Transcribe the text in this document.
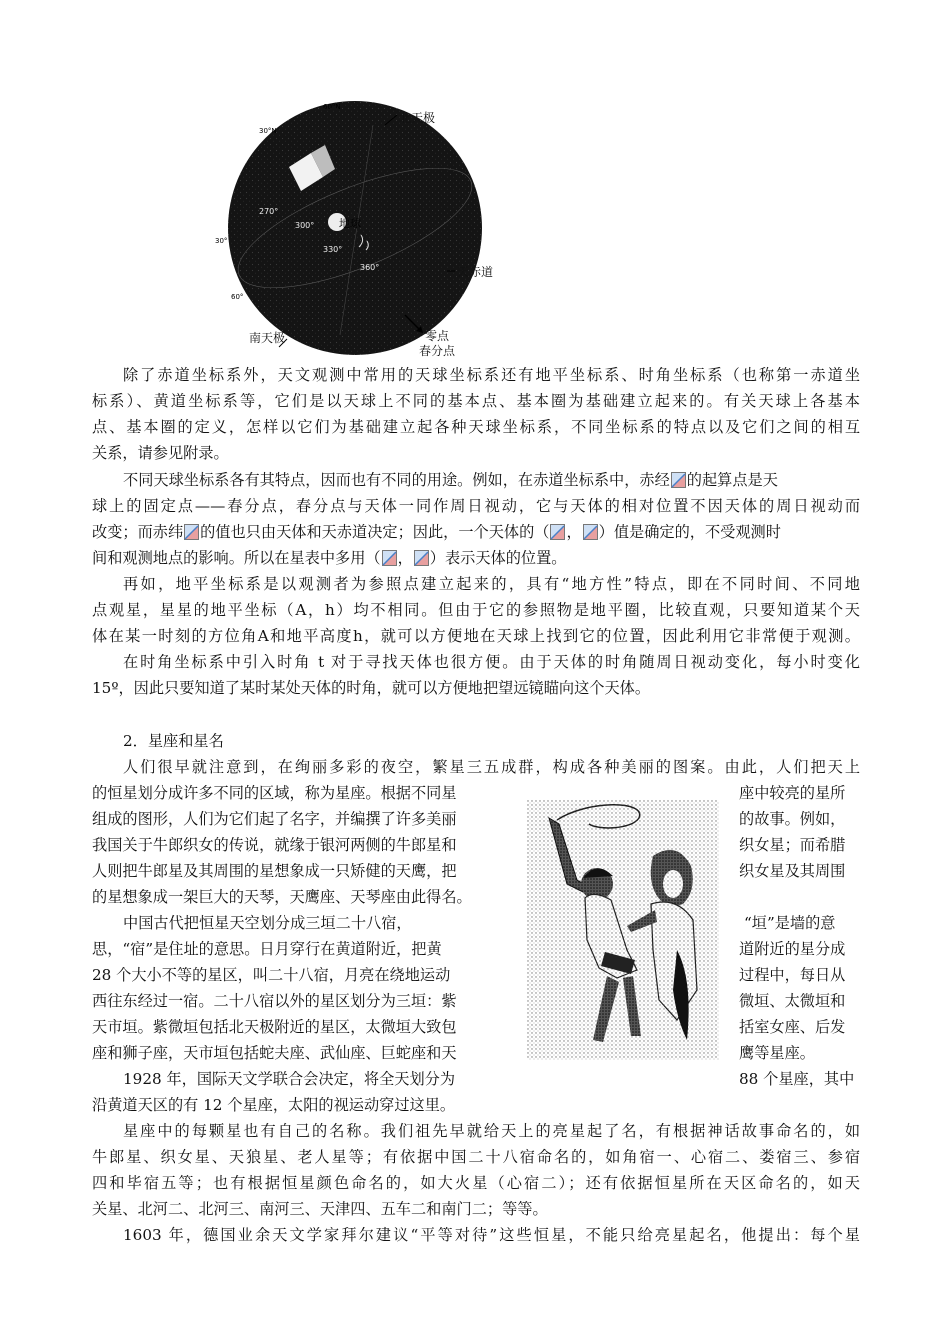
60°N
30°N
30°
60°
270°
300°
330°
360°
地球
北天极
天赤道
南天极	零点
春分点
除了赤道坐标系外，天文观测中常用的天球坐标系还有地平坐标系、时角坐标系（也称第一赤道坐
标系）、黄道坐标系等，它们是以天球上不同的基本点、基本圈为基础建立起来的。有关天球上各基本
点、基本圈的定义，怎样以它们为基础建立起各种天球坐标系，不同坐标系的特点以及它们之间的相互
关系，请参见附录。
不同天球坐标系各有其特点，因而也有不同的用途。例如，在赤道坐标系中，赤经 的起算点是天
球上的固定点——春分点，春分点与天体一同作周日视动，它与天体的相对位置不因天体的周日视动而
改变；而赤纬 的值也只由天体和天赤道决定；因此，一个天体的（ ， ）值是确定的，不受观测时
间和观测地点的影响。所以在星表中多用（ ， ）表示天体的位置。
再如，地平坐标系是以观测者为参照点建立起来的，具有“地方性”特点，即在不同时间、不同地
点观星，星星的地平坐标（A，h）均不相同。但由于它的参照物是地平圈，比较直观，只要知道某个天
体在某一时刻的方位角A和地平高度h，就可以方便地在天球上找到它的位置，因此利用它非常便于观测。
在时角坐标系中引入时角 t 对于寻找天体也很方便。由于天体的时角随周日视动变化，每小时变化
15º，因此只要知道了某时某处天体的时角，就可以方便地把望远镜瞄向这个天体。
2．星座和星名
人们很早就注意到，在绚丽多彩的夜空，繁星三五成群，构成各种美丽的图案。由此，人们把天上
的恒星划分成许多不同的区域，称为星座。根据不同星	座中较亮的星所
组成的图形，人们为它们起了名字，并编撰了许多美丽	的故事。例如，
我国关于牛郎织女的传说，就缘于银河两侧的牛郎星和	织女星；而希腊
人则把牛郎星及其周围的星想象成一只矫健的天鹰，把	织女星及其周围
的星想象成一架巨大的天琴，天鹰座、天琴座由此得名。
中国古代把恒星天空划分成三垣二十八宿，	“垣”是墙的意
思，“宿”是住址的意思。日月穿行在黄道附近，把黄	道附近的星分成
28 个大小不等的星区，叫二十八宿，月亮在绕地运动	过程中，每日从
西往东经过一宿。二十八宿以外的星区划分为三垣：紫	微垣、太微垣和
天市垣。紫微垣包括北天极附近的星区，太微垣大致包	括室女座、后发
座和狮子座，天市垣包括蛇夫座、武仙座、巨蛇座和天	鹰等星座。
1928 年，国际天文学联合会决定，将全天划分为	88 个星座，其中
沿黄道天区的有 12 个星座，太阳的视运动穿过这里。
星座中的每颗星也有自己的名称。我们祖先早就给天上的亮星起了名，有根据神话故事命名的，如
牛郎星、织女星、天狼星、老人星等；有依据中国二十八宿命名的，如角宿一、心宿二、娄宿三、参宿
四和毕宿五等；也有根据恒星颜色命名的，如大火星（心宿二）；还有依据恒星所在天区命名的，如天
关星、北河二、北河三、南河三、天津四、五车二和南门二；等等。
1603 年，德国业余天文学家拜尔建议“平等对待”这些恒星，不能只给亮星起名，他提出：每个星
